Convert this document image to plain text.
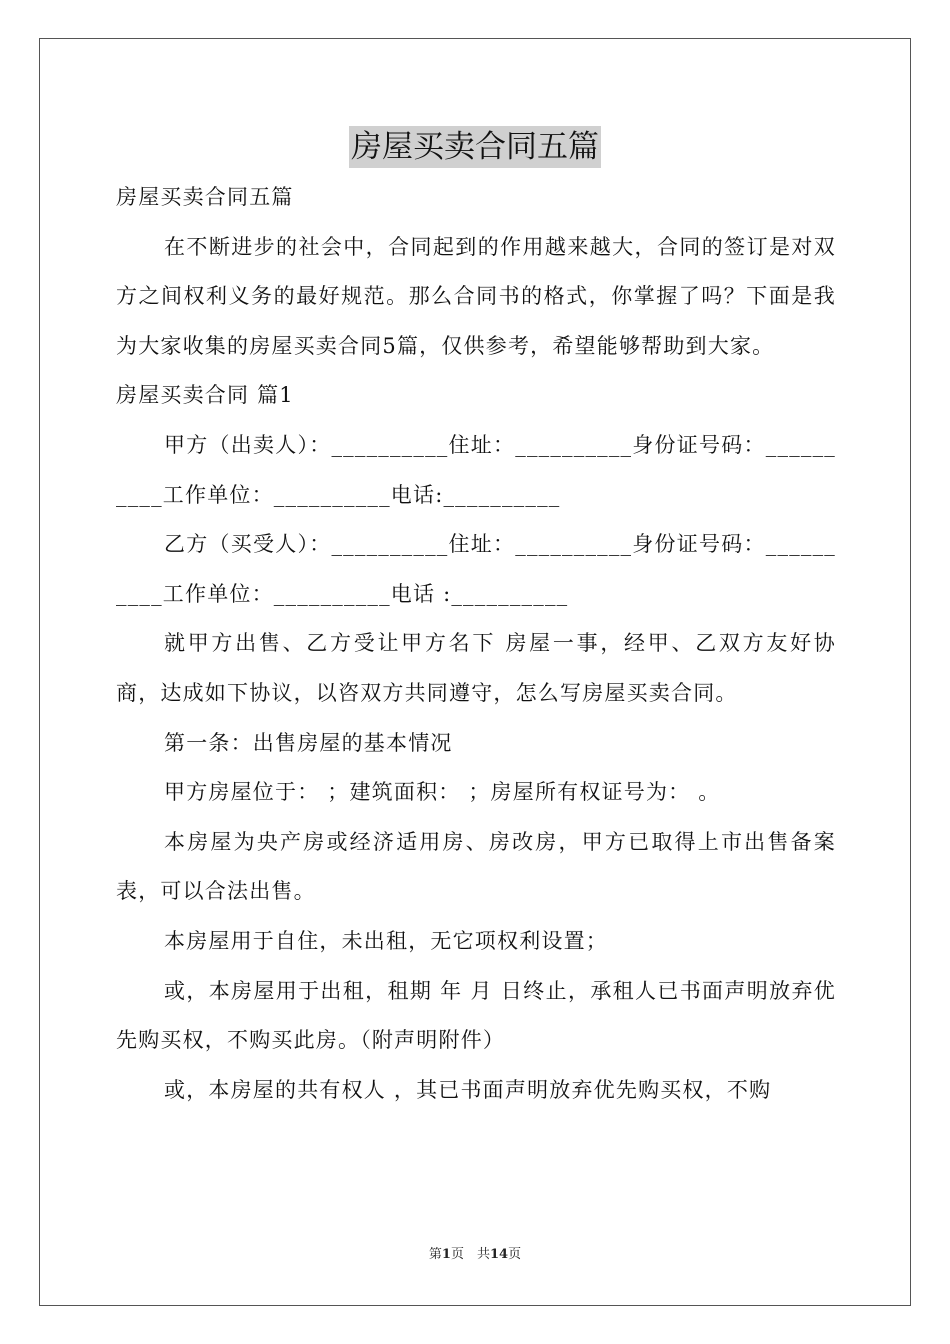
房屋买卖合同五篇

房屋买卖合同五篇

在不断进步的社会中，合同起到的作用越来越大，合同的签订是对双方之间权利义务的最好规范。那么合同书的格式，你掌握了吗？下面是我为大家收集的房屋买卖合同5篇，仅供参考，希望能够帮助到大家。

房屋买卖合同 篇1

甲方（出卖人）：__________住址：__________身份证号码：__________工作单位：__________电话:__________

乙方（买受人）：__________住址：__________身份证号码：__________工作单位：__________电话 :__________

就甲方出售、乙方受让甲方名下 房屋一事，经甲、乙双方友好协商，达成如下协议，以咨双方共同遵守，怎么写房屋买卖合同。

第一条：出售房屋的基本情况

甲方房屋位于： ；建筑面积： ；房屋所有权证号为： 。

本房屋为央产房或经济适用房、房改房，甲方已取得上市出售备案表，可以合法出售。

本房屋用于自住，未出租，无它项权利设置；

或，本房屋用于出租，租期 年 月 日终止，承租人已书面声明放弃优先购买权，不购买此房。（附声明附件）

或，本房屋的共有权人 ，其已书面声明放弃优先购买权，不购

第1页　共14页
